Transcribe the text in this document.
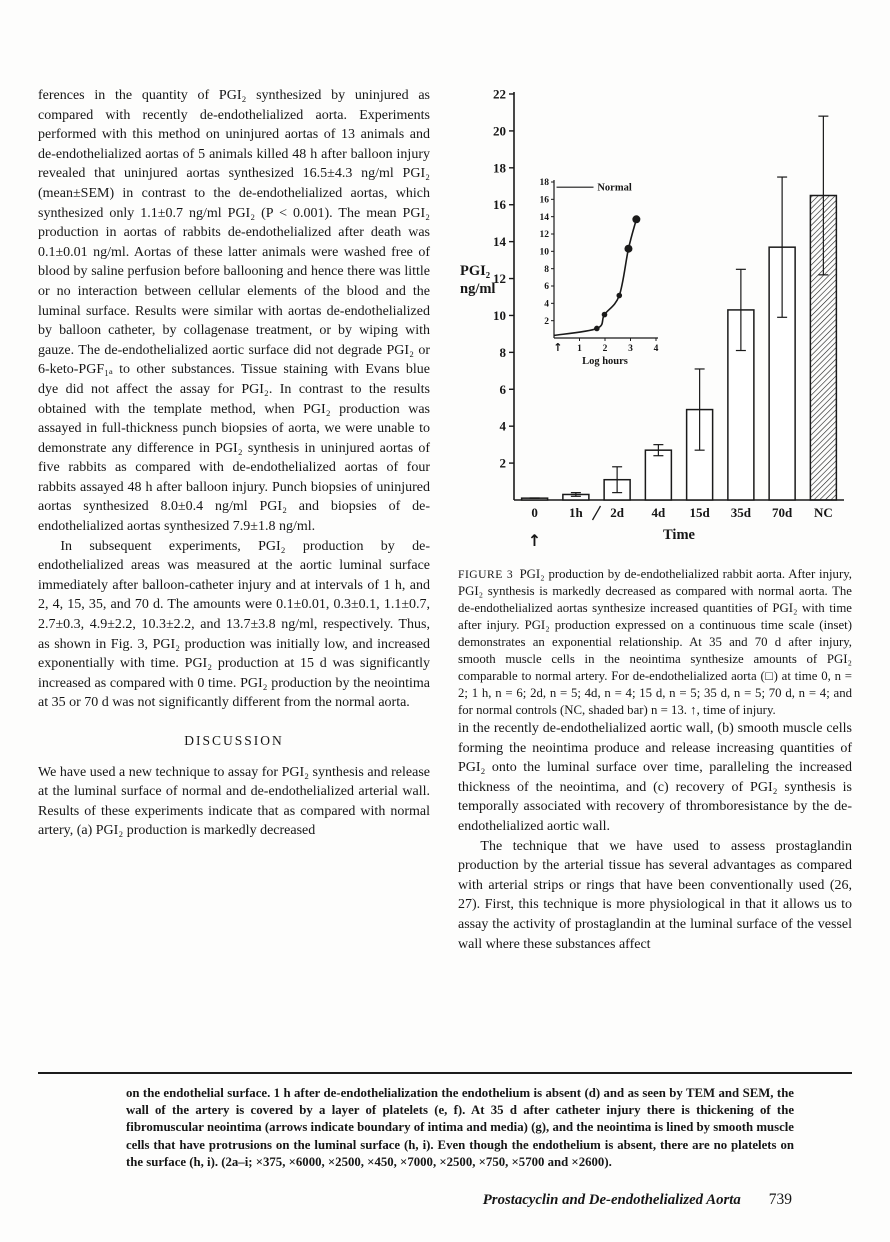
ferences in the quantity of PGI₂ synthesized by uninjured as compared with recently de-endothelialized aorta. Experiments performed with this method on uninjured aortas of 13 animals and de-endothelialized aortas of 5 animals killed 48 h after balloon injury revealed that uninjured aortas synthesized 16.5±4.3 ng/ml PGI₂ (mean±SEM) in contrast to the de-endothelialized aortas, which synthesized only 1.1±0.7 ng/ml PGI₂ (P < 0.001). The mean PGI₂ production in aortas of rabbits de-endothelialized after death was 0.1±0.01 ng/ml. Aortas of these latter animals were washed free of blood by saline perfusion before ballooning and hence there was little or no interaction between cellular elements of the blood and the luminal surface. Results were similar with aortas de-endothelialized by balloon catheter, by collagenase treatment, or by wiping with gauze. The de-endothelialized aortic surface did not degrade PGI₂ or 6-keto-PGF₁ₐ to other substances. Tissue staining with Evans blue dye did not affect the assay for PGI₂. In contrast to the results obtained with the template method, when PGI₂ production was assayed in full-thickness punch biopsies of aorta, we were unable to demonstrate any difference in PGI₂ synthesis in uninjured aortas of five rabbits as compared with de-endothelialized aortas of four rabbits assayed 48 h after balloon injury. Punch biopsies of uninjured aortas synthesized 8.0±0.4 ng/ml PGI₂ and biopsies of de-endothelialized aortas synthesized 7.9±1.8 ng/ml.

In subsequent experiments, PGI₂ production by de-endothelialized areas was measured at the aortic luminal surface immediately after balloon-catheter injury and at intervals of 1 h, and 2, 4, 15, 35, and 70 d. The amounts were 0.1±0.01, 0.3±0.1, 1.1±0.7, 2.7±0.3, 4.9±2.2, 10.3±2.2, and 13.7±3.8 ng/ml, respectively. Thus, as shown in Fig. 3, PGI₂ production was initially low, and increased exponentially with time. PGI₂ production at 15 d was significantly increased as compared with 0 time. PGI₂ production by the neointima at 35 or 70 d was not significantly different from the normal aorta.

DISCUSSION

We have used a new technique to assay for PGI₂ synthesis and release at the luminal surface of normal and de-endothelialized arterial wall. Results of these experiments indicate that as compared with normal artery, (a) PGI₂ production is markedly decreased

2
4
6
8
10
12
14
16
18
20
22
PGI₂
ng/ml
0 1h 2d 4d 15d 35d 70d NC
Time
↑
2
4
6
8
10
12
14
16
18
1 2 3 4
Log hours
↑
Normal
FIGURE 3 PGI₂ production by de-endothelialized rabbit aorta. After injury, PGI₂ synthesis is markedly decreased as compared with normal aorta. The de-endothelialized aortas synthesize increased quantities of PGI₂ with time after injury. PGI₂ production expressed on a continuous time scale (inset) demonstrates an exponential relationship. At 35 and 70 d after injury, smooth muscle cells in the neointima synthesize amounts of PGI₂ comparable to normal artery. For de-endothelialized aorta (□) at time 0, n = 2; 1 h, n = 6; 2d, n = 5; 4d, n = 4; 15 d, n = 5; 35 d, n = 5; 70 d, n = 4; and for normal controls (NC, shaded bar) n = 13. ↑, time of injury.

in the recently de-endothelialized aortic wall, (b) smooth muscle cells forming the neointima produce and release increasing quantities of PGI₂ onto the luminal surface over time, paralleling the increased thickness of the neointima, and (c) recovery of PGI₂ synthesis is temporally associated with recovery of thromboresistance by the de-endothelialized aortic wall.

The technique that we have used to assess prostaglandin production by the arterial tissue has several advantages as compared with arterial strips or rings that have been conventionally used (26, 27). First, this technique is more physiological in that it allows us to assay the activity of prostaglandin at the luminal surface of the vessel wall where these substances affect

on the endothelial surface. 1 h after de-endothelialization the endothelium is absent (d) and as seen by TEM and SEM, the wall of the artery is covered by a layer of platelets (e, f). At 35 d after catheter injury there is thickening of the fibromuscular neointima (arrows indicate boundary of intima and media) (g), and the neointima is lined by smooth muscle cells that have protrusions on the luminal surface (h, i). Even though the endothelium is absent, there are no platelets on the surface (h, i). (2a–i; ×375, ×6000, ×2500, ×450, ×7000, ×2500, ×750, ×5700 and ×2600).

Prostacyclin and De-endothelialized Aorta 739
